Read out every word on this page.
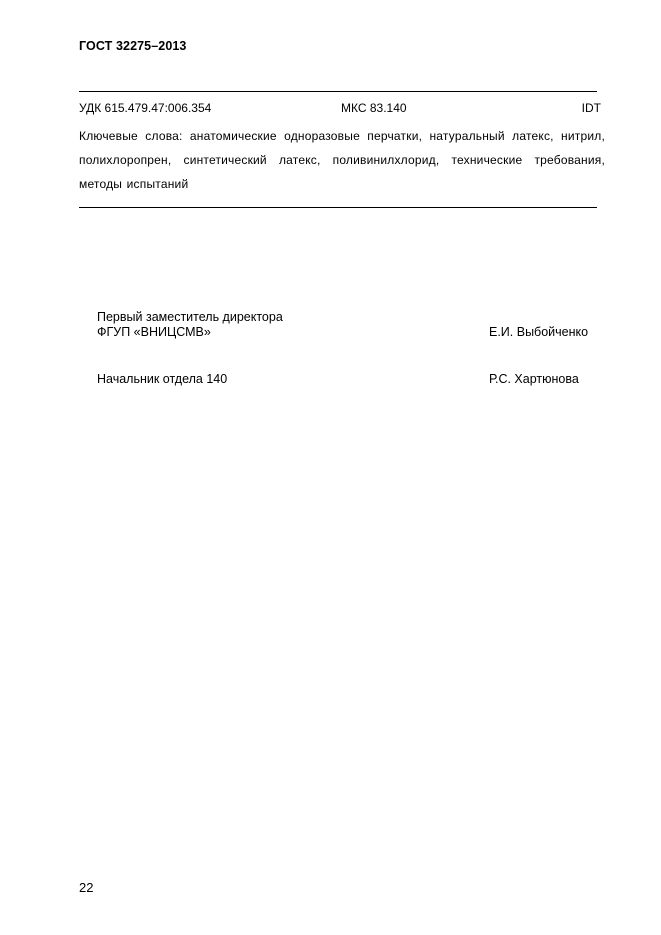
ГОСТ 32275–2013
УДК 615.479.47:006.354	МКС 83.140	IDT
Ключевые слова: анатомические одноразовые перчатки, натуральный латекс, нитрил, полихлоропрен, синтетический латекс, поливинилхлорид, технические требования, методы испытаний
Первый заместитель директора
ФГУП «ВНИЦСМВ»	Е.И. Выбойченко
Начальник отдела 140	Р.С. Хартюнова
22
